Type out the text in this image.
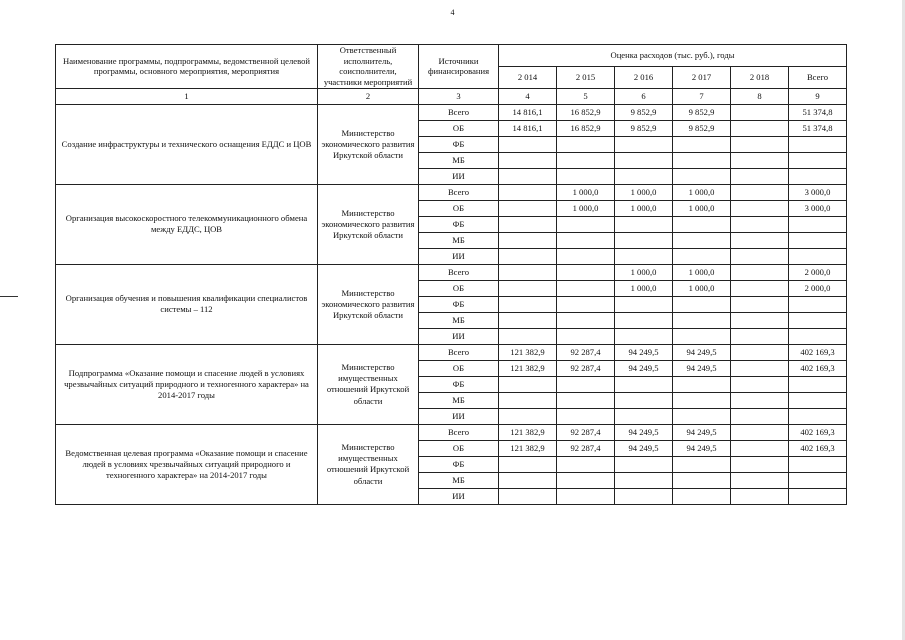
4
Наименование программы, подпрограммы, ведомственной целевой программы, основного мероприятия, мероприятия	Ответственный исполнитель, соисполнители, участники мероприятий	Источники финансирования	Оценка расходов (тыс. руб.), годы					
			2 014	2 015	2 016	2 017	2 018	Всего
1	2	3	4	5	6	7	8	9
Создание инфраструктуры и технического оснащения ЕДДС и ЦОВ	Министерство экономического развития Иркутской области	Всего	14 816,1	16 852,9	9 852,9	9 852,9		51 374,8
		ОБ	14 816,1	16 852,9	9 852,9	9 852,9		51 374,8
		ФБ						
		МБ						
		ИИ						
Организация высокоскоростного телекоммуникационного обмена между ЕДДС, ЦОВ	Министерство экономического развития Иркутской области	Всего		1 000,0	1 000,0	1 000,0		3 000,0
		ОБ		1 000,0	1 000,0	1 000,0		3 000,0
		ФБ						
		МБ						
		ИИ						
Организация обучения и повышения квалификации специалистов системы – 112	Министерство экономического развития Иркутской области	Всего			1 000,0	1 000,0		2 000,0
		ОБ			1 000,0	1 000,0		2 000,0
		ФБ						
		МБ						
		ИИ						
Подпрограмма «Оказание помощи и спасение людей в условиях чрезвычайных ситуаций природного и техногенного характера» на 2014-2017 годы	Министерство имущественных отношений Иркутской области	Всего	121 382,9	92 287,4	94 249,5	94 249,5		402 169,3
		ОБ	121 382,9	92 287,4	94 249,5	94 249,5		402 169,3
		ФБ						
		МБ						
		ИИ						
Ведомственная целевая программа «Оказание помощи и спасение людей в условиях чрезвычайных ситуаций природного и техногенного характера» на 2014-2017 годы	Министерство имущественных отношений Иркутской области	Всего	121 382,9	92 287,4	94 249,5	94 249,5		402 169,3
		ОБ	121 382,9	92 287,4	94 249,5	94 249,5		402 169,3
		ФБ						
		МБ						
		ИИ						
